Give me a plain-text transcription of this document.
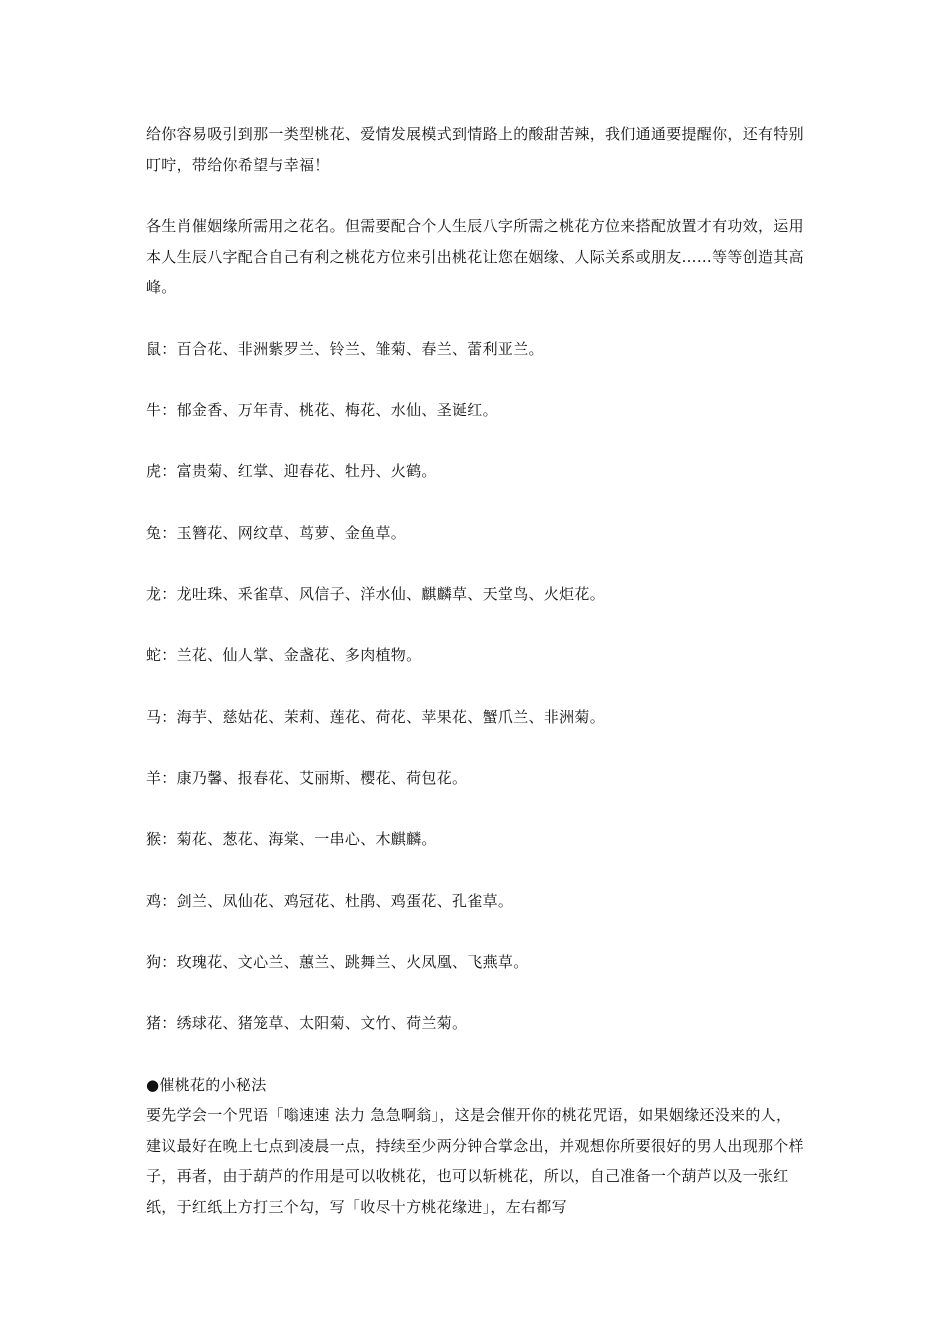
给你容易吸引到那一类型桃花、爱情发展模式到情路上的酸甜苦辣，我们通通要提醒你，还有特别叮咛，带给你希望与幸福！

各生肖催姻缘所需用之花名。但需要配合个人生辰八字所需之桃花方位来搭配放置才有功效，运用本人生辰八字配合自己有利之桃花方位来引出桃花让您在姻缘、人际关系或朋友……等等创造其高峰。

鼠：百合花、非洲紫罗兰、铃兰、雏菊、春兰、蕾利亚兰。

牛：郁金香、万年青、桃花、梅花、水仙、圣诞红。

虎：富贵菊、红掌、迎春花、牡丹、火鹤。

兔：玉簪花、网纹草、茑萝、金鱼草。

龙：龙吐珠、釆雀草、风信子、洋水仙、麒麟草、天堂鸟、火炬花。

蛇：兰花、仙人掌、金盏花、多肉植物。

马：海芋、慈姑花、茉莉、莲花、荷花、苹果花、蟹爪兰、非洲菊。

羊：康乃馨、报春花、艾丽斯、樱花、荷包花。

猴：菊花、葱花、海棠、一串心、木麒麟。

鸡：剑兰、凤仙花、鸡冠花、杜鹃、鸡蛋花、孔雀草。

狗：玫瑰花、文心兰、蕙兰、跳舞兰、火凤凰、飞燕草。

猪：绣球花、猪笼草、太阳菊、文竹、荷兰菊。

●催桃花的小秘法

要先学会一个咒语「嗡速速 法力 急急啊翁」，这是会催开你的桃花咒语，如果姻缘还没来的人，建议最好在晚上七点到凌晨一点，持续至少两分钟合掌念出，并观想你所要很好的男人出现那个样子，再者，由于葫芦的作用是可以收桃花，也可以斩桃花，所以，自己准备一个葫芦以及一张红纸，于红纸上方打三个勾，写「收尽十方桃花缘进」，左右都写
